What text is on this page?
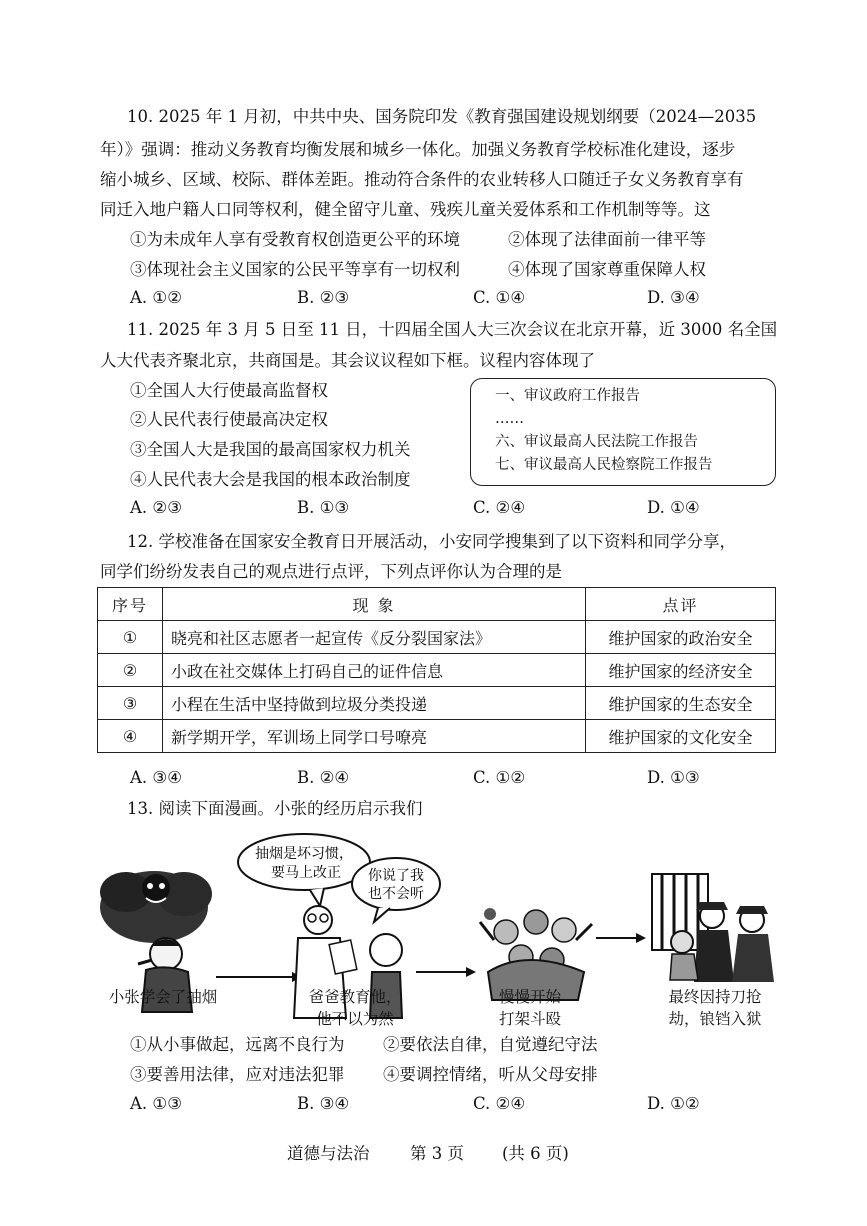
10. 2025 年 1 月初，中共中央、国务院印发《教育强国建设规划纲要（2024—2035
年）》强调：推动义务教育均衡发展和城乡一体化。加强义务教育学校标准化建设，逐步
缩小城乡、区域、校际、群体差距。推动符合条件的农业转移人口随迁子女义务教育享有
同迁入地户籍人口同等权利，健全留守儿童、残疾儿童关爱体系和工作机制等等。这
①为未成年人享有受教育权创造更公平的环境	②体现了法律面前一律平等
③体现社会主义国家的公民平等享有一切权利	④体现了国家尊重保障人权
A. ①②	B. ②③	C. ①④	D. ③④
11. 2025 年 3 月 5 日至 11 日，十四届全国人大三次会议在北京开幕，近 3000 名全国
人大代表齐聚北京，共商国是。其会议议程如下框。议程内容体现了
①全国人大行使最高监督权
②人民代表行使最高决定权
③全国人大是我国的最高国家权力机关
④人民代表大会是我国的根本政治制度
一、审议政府工作报告
……
六、审议最高人民法院工作报告
七、审议最高人民检察院工作报告
A. ②③	B. ①③	C. ②④	D. ①④
12. 学校准备在国家安全教育日开展活动，小安同学搜集到了以下资料和同学分享，
同学们纷纷发表自己的观点进行点评，下列点评你认为合理的是
序号	现 象	点评
①	晓亮和社区志愿者一起宣传《反分裂国家法》	维护国家的政治安全
②	小政在社交媒体上打码自己的证件信息	维护国家的经济安全
③	小程在生活中坚持做到垃圾分类投递	维护国家的生态安全
④	新学期开学，军训场上同学口号嘹亮	维护国家的文化安全
A. ③④	B. ②④	C. ①②	D. ①③
13. 阅读下面漫画。小张的经历启示我们
抽烟是坏习惯，
要马上改正 你说了我
也不会听
小张学会了抽烟	爸爸教育他，
他不以为然
慢慢开始
打架斗殴
最终因持刀抢
劫，锒铛入狱
①从小事做起，远离不良行为 ②要依法自律，自觉遵纪守法
③要善用法律，应对违法犯罪 ④要调控情绪，听从父母安排
A. ①③	B. ③④	C. ②④	D. ①②
道德与法治 第 3 页 (共 6 页)
